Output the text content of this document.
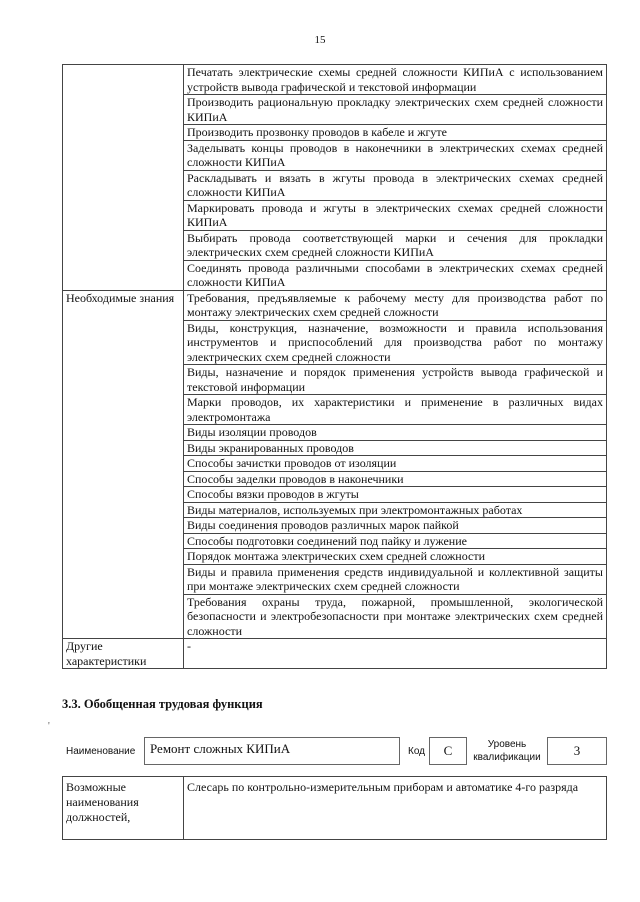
15
	Печатать электрические схемы средней сложности КИПиА с использованием устройств вывода графической и текстовой информации
	Производить рациональную прокладку электрических схем средней сложности КИПиА
	Производить прозвонку проводов в кабеле и жгуте
	Заделывать концы проводов в наконечники в электрических схемах средней сложности КИПиА
	Раскладывать и вязать в жгуты провода в электрических схемах средней сложности КИПиА
	Маркировать провода и жгуты в электрических схемах средней сложности КИПиА
	Выбирать провода соответствующей марки и сечения для прокладки электрических схем средней сложности КИПиА
	Соединять провода различными способами в электрических схемах средней сложности КИПиА
Необходимые знания	Требования, предъявляемые к рабочему месту для производства работ по монтажу электрических схем средней сложности
	Виды, конструкция, назначение, возможности и правила использования инструментов и приспособлений для производства работ по монтажу электрических схем средней сложности
	Виды, назначение и порядок применения устройств вывода графической и текстовой информации
	Марки проводов, их характеристики и применение в различных видах электромонтажа
	Виды изоляции проводов
	Виды экранированных проводов
	Способы зачистки проводов от изоляции
	Способы заделки проводов в наконечники
	Способы вязки проводов в жгуты
	Виды материалов, используемых при электромонтажных работах
	Виды соединения проводов различных марок пайкой
	Способы подготовки соединений под пайку и лужение
	Порядок монтажа электрических схем средней сложности
	Виды и правила применения средств индивидуальной и коллективной защиты при монтаже электрических схем средней сложности
	Требования охраны труда, пожарной, промышленной, экологической безопасности и электробезопасности при монтаже электрических схем средней сложности
Другие характеристики	-
3.3. Обобщенная трудовая функция
'
Наименование	Ремонт сложных КИПиА	Код	C	Уровень квалификации	3
Возможные наименования должностей,	Слесарь по контрольно-измерительным приборам и автоматике 4-го разряда
